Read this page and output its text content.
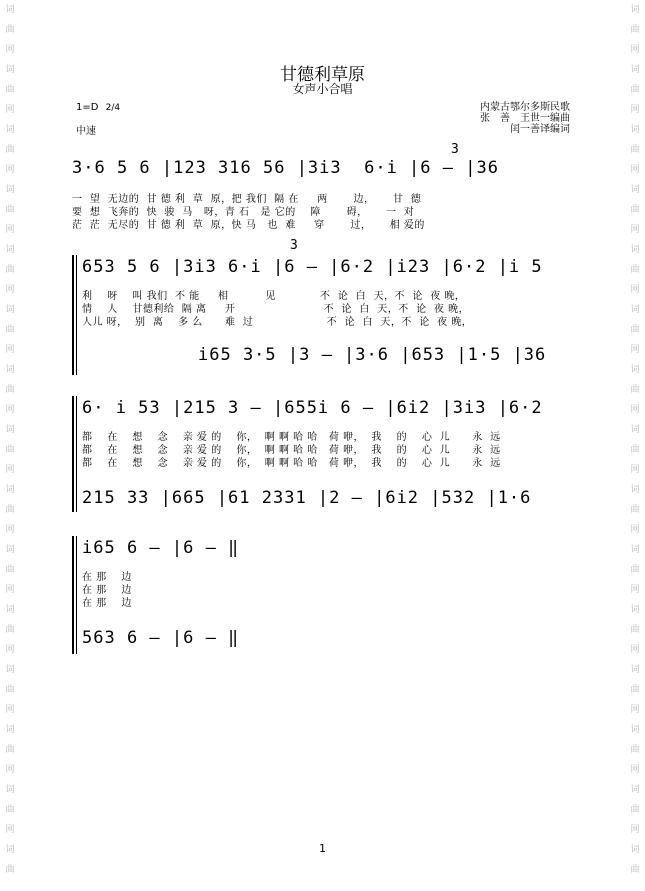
词
曲
网
词
曲
网
词
曲
网
词
曲
网
词
曲
网
词
曲
网
词
曲
网
词
曲
网
词
曲
网
词
曲
网
词
曲
网
词
曲
网
词
曲
网
词
曲
网
词
曲
词
曲
网
词
曲
网
词
曲
网
词
曲
网
词
曲
网
词
曲
网
词
曲
网
词
曲
网
词
曲
网
词
曲
网
词
曲
网
词
曲
网
词
曲
网
词
曲
网
词
曲
甘德利草原
女声小合唱
1=D 2/4
中速
内蒙古鄂尔多斯民歌
张　善　王世一编曲
闰一善译编词
3
3·6 5 6 |123 316 56 |3i3  6·i |6 — |36
一  望  无边的  甘 德 利  草  原，把 我们  隔 在     两       边，     甘  德
要  想  飞奔的  快  骏  马   呀，青 石   是 它的    障       碍，     一  对
茫  茫  无尽的  甘 德 利  草  原，快 马   也  难     穿       过，     相 爱的
3
653 5 6 |3i3 6·i |6 — |6·2 |i23 |6·2 |i 5
利    呀    叫 我们  不 能     相          见            不  论  白  天，不  论  夜 晚，
情    人    甘德利给  隔 离     开                        不  论  白  天，不  论  夜 晚，
人儿 呀，  别  离    多 么      难  过                    不  论  白  天，不  论  夜 晚，
i65 3·5 |3 — |3·6 |653 |1·5 |36
6· i 53 |215 3 — |655i 6 — |6i2 |3i3 |6·2
都    在    想    念    亲 爱 的    你，  啊 啊 哈 哈   荷 咿，  我    的    心  儿      永  远
都    在    想    念    亲 爱 的    你，  啊 啊 哈 哈   荷 咿，  我    的    心  儿      永  远
都    在    想    念    亲 爱 的    你，  啊 啊 哈 哈   荷 咿，  我    的    心  儿      永  远
215 33 |665 |61 2331 |2 — |6i2 |532 |1·6
i65 6 — |6 — ‖
在 那    边
在 那    边
在 那    边
563 6 — |6 — ‖
1
